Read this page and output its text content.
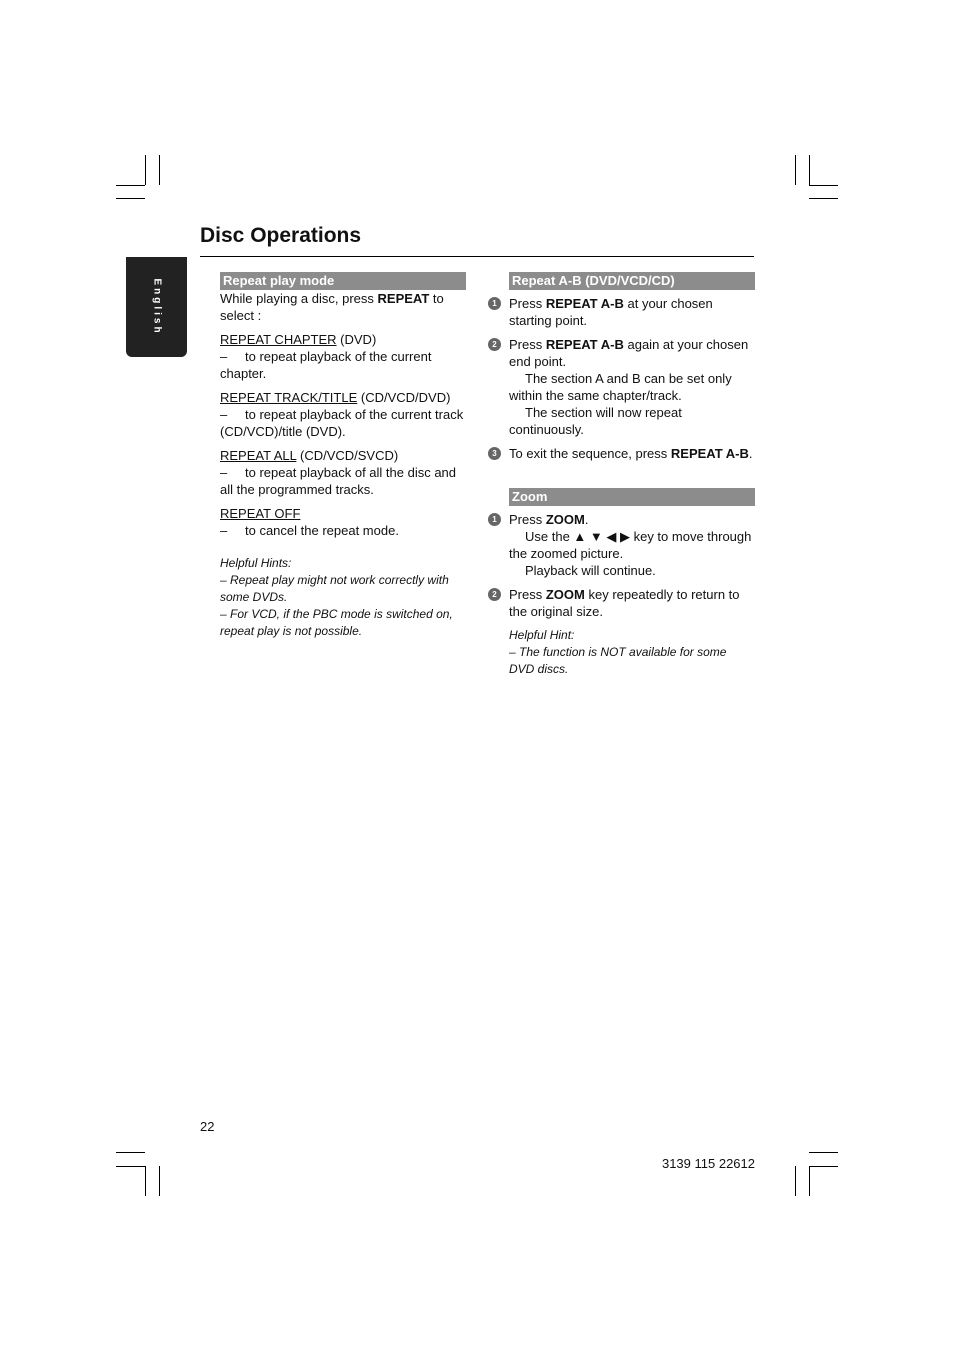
Disc Operations
English	Repeat play mode

While playing a disc, press REPEAT to select :

REPEAT CHAPTER (DVD)

– to repeat playback of the current chapter.

REPEAT TRACK/TITLE (CD/VCD/DVD)

– to repeat playback of the current track (CD/VCD)/title (DVD).

REPEAT ALL (CD/VCD/SVCD)

– to repeat playback of all the disc and all the programmed tracks.

REPEAT OFF

– to cancel the repeat mode.

Helpful Hints:

– Repeat play might not work correctly with some DVDs.

– For VCD, if the PBC mode is switched on, repeat play is not possible.

Repeat A-B (DVD/VCD/CD)
1 Press REPEAT A-B at your chosen starting point.
2 Press REPEAT A-B again at your chosen end point.

The section A and B can be set only within the same chapter/track.

The section will now repeat continuously.

3 To exit the sequence, press REPEAT A-B.
Zoom
1 Press ZOOM.

Use the ▲ ▼ ◀ ▶ key to move through the zoomed picture.

Playback will continue.

2 Press ZOOM key repeatedly to return to the original size.

Helpful Hint:

– The function is NOT available for some DVD discs.

22
3139 115 22612
